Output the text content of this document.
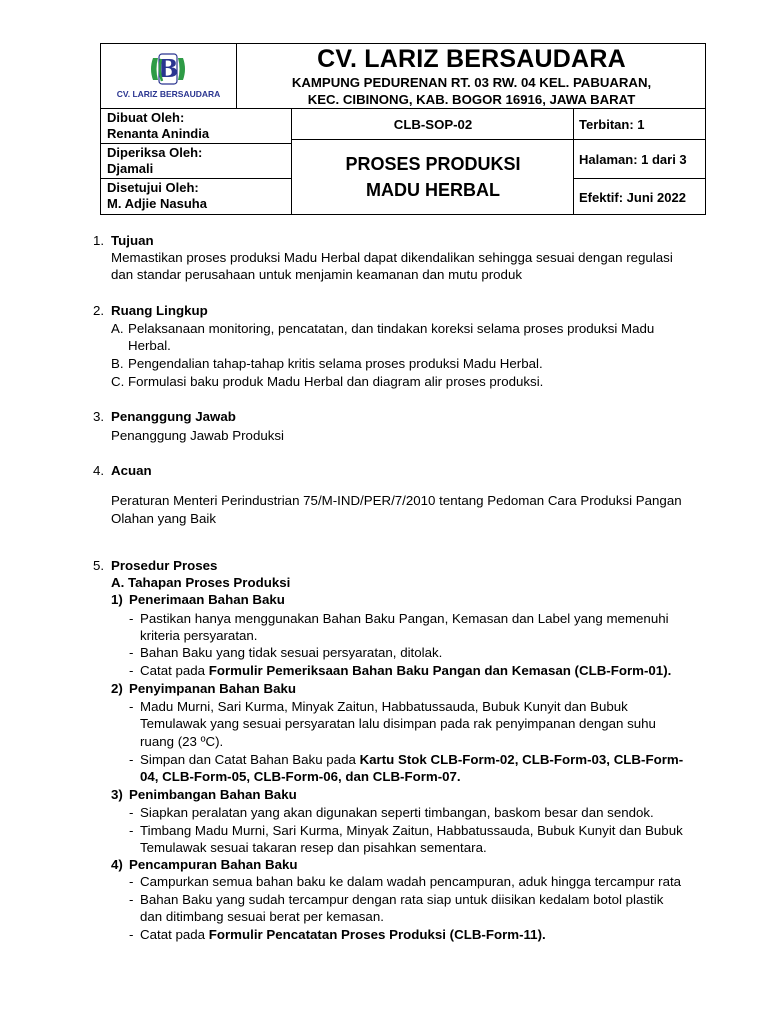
B
CV. LARIZ BERSAUDARA
CV. LARIZ BERSAUDARA
KAMPUNG PEDURENAN RT. 03 RW. 04 KEL. PABUARAN,
KEC. CIBINONG, KAB. BOGOR 16916, JAWA BARAT
Dibuat Oleh:
Renanta Anindia
Diperiksa Oleh:
Djamali
Disetujui Oleh:
M. Adjie Nasuha
CLB-SOP-02
PROSES PRODUKSI
MADU HERBAL
Terbitan: 1
Halaman: 1 dari 3
Efektif: Juni 2022
1. Tujuan
Memastikan proses produksi Madu Herbal dapat dikendalikan sehingga sesuai dengan regulasi
dan standar perusahaan untuk menjamin keamanan dan mutu produk
2. Ruang Lingkup
A. Pelaksanaan monitoring, pencatatan, dan tindakan koreksi selama proses produksi Madu
Herbal.
B. Pengendalian tahap-tahap kritis selama proses produksi Madu Herbal.
C. Formulasi baku produk Madu Herbal dan diagram alir proses produksi.
3. Penanggung Jawab
Penanggung Jawab Produksi
4. Acuan
Peraturan Menteri Perindustrian 75/M-IND/PER/7/2010 tentang Pedoman Cara Produksi Pangan
Olahan yang Baik
5. Prosedur Proses
A. Tahapan Proses Produksi
1) Penerimaan Bahan Baku
- Pastikan hanya menggunakan Bahan Baku Pangan, Kemasan dan Label yang memenuhi
kriteria persyaratan.
- Bahan Baku yang tidak sesuai persyaratan, ditolak.
- Catat pada Formulir Pemeriksaan Bahan Baku Pangan dan Kemasan (CLB-Form-01).
2) Penyimpanan Bahan Baku
- Madu Murni, Sari Kurma, Minyak Zaitun, Habbatussauda, Bubuk Kunyit dan Bubuk
Temulawak yang sesuai persyaratan lalu disimpan pada rak penyimpanan dengan suhu
ruang (23 ºC).
- Simpan dan Catat Bahan Baku pada Kartu Stok CLB-Form-02, CLB-Form-03, CLB-Form-
04, CLB-Form-05, CLB-Form-06, dan CLB-Form-07.
3) Penimbangan Bahan Baku
- Siapkan peralatan yang akan digunakan seperti timbangan, baskom besar dan sendok.
- Timbang Madu Murni, Sari Kurma, Minyak Zaitun, Habbatussauda, Bubuk Kunyit dan Bubuk
Temulawak sesuai takaran resep dan pisahkan sementara.
4) Pencampuran Bahan Baku
- Campurkan semua bahan baku ke dalam wadah pencampuran, aduk hingga tercampur rata
- Bahan Baku yang sudah tercampur dengan rata siap untuk diisikan kedalam botol plastik
dan ditimbang sesuai berat per kemasan.
- Catat pada Formulir Pencatatan Proses Produksi (CLB-Form-11).
